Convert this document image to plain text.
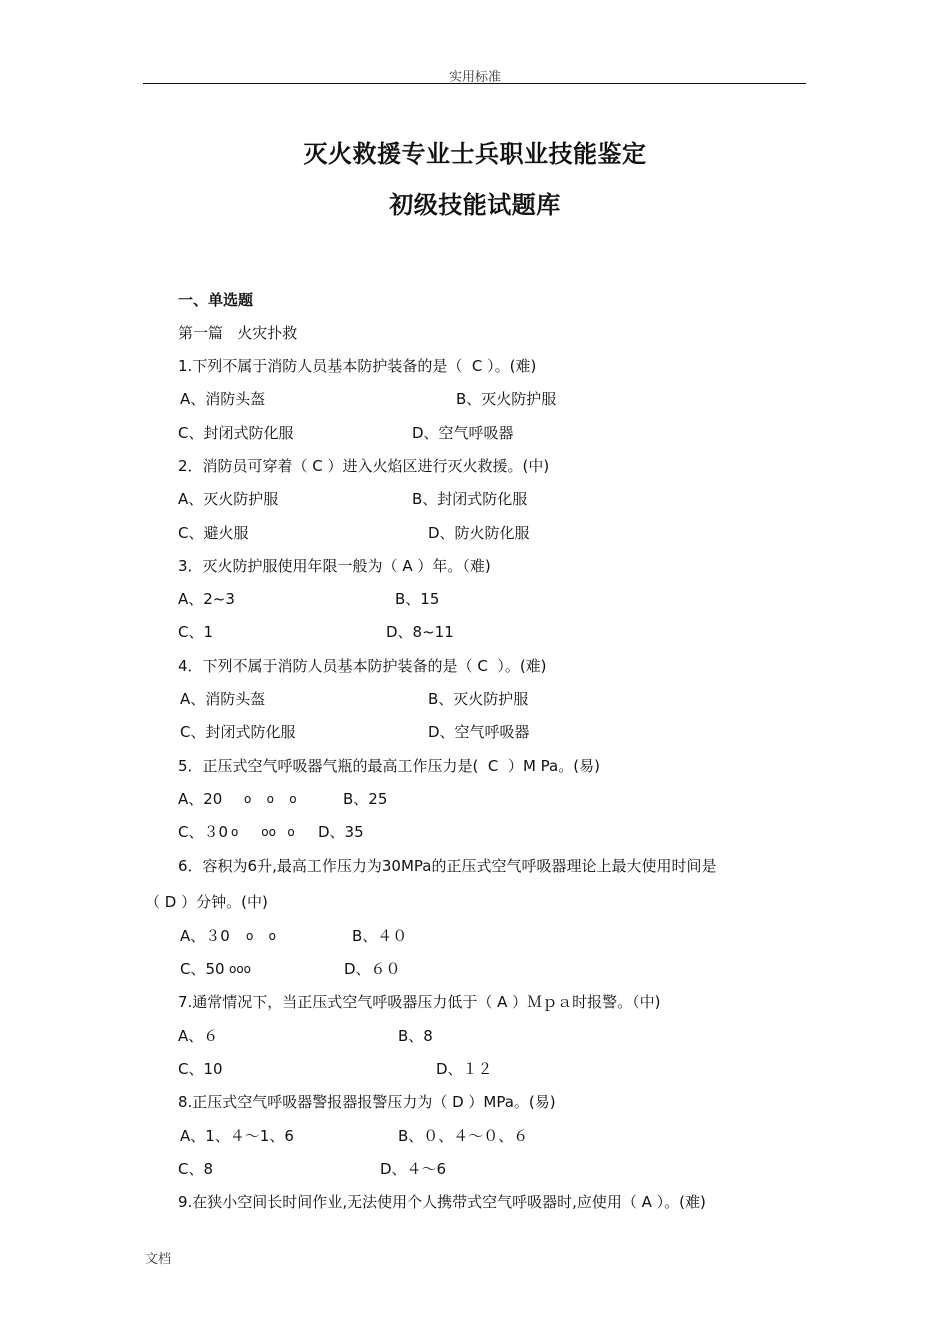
实用标准
灭火救援专业士兵职业技能鉴定
初级技能试题库
一、单选题
第一篇   火灾扑救
1.下列不属于消防人员基本防护装备的是（  C ）。(难)
A、消防头盔	B、灭火防护服
C、封闭式防化服	D、空气呼吸器
2．消防员可穿着（ C ）进入火焰区进行灭火救援。(中)
A、灭火防护服	B、封闭式防化服
C、避火服	D、防火防化服
3．灭火防护服使用年限一般为（ A ）年。（难)
A、2~3	B、15
C、1	D、8~11
4．下列不属于消防人员基本防护装备的是（ C  ）。(难)
A、消防头盔	B、灭火防护服
C、封闭式防化服	D、空气呼吸器
5．正压式空气呼吸器气瓶的最高工作压力是(  C  ）M Pa。(易)
A、20 o    o    o	B、25
C、３0 o      oo   o D、35
6．容积为6升,最高工作压力为30MPa的正压式空气呼吸器理论上最大使用时间是
（ D ）分钟。(中)
A、３0 o    o	B、４０
C、50 ooo	D、６０
7.通常情况下，当正压式空气呼吸器压力低于（ A ）Ｍｐａ时报警。（中)
A、６	B、8
C、10	D、１２
8.正压式空气呼吸器警报器报警压力为（ D ）MPa。(易)
A、1、４～1、6	B、０、４～０、６
C、8	D、４～6
9.在狭小空间长时间作业,无法使用个人携带式空气呼吸器时,应使用（ A ）。(难)
文档
